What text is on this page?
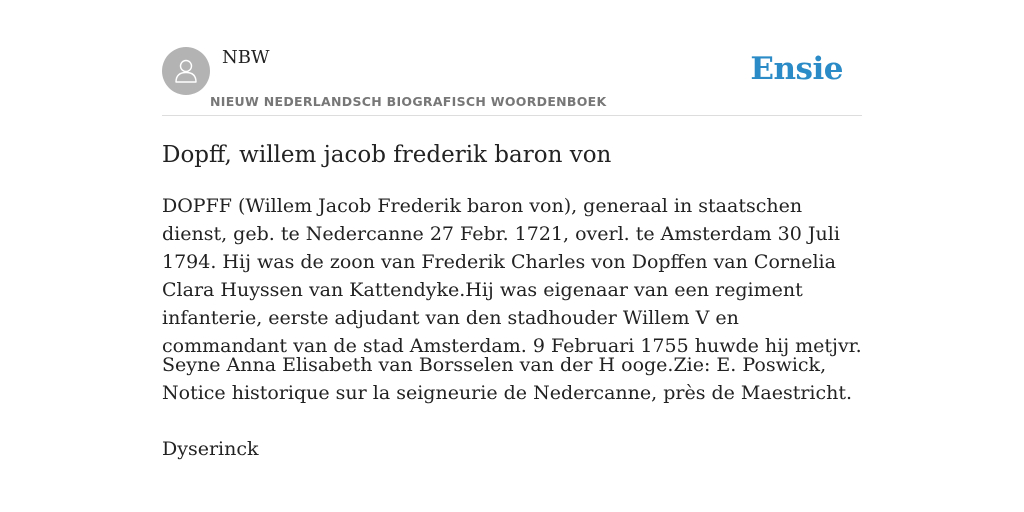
NBW
NIEUW NEDERLANDSCH BIOGRAFISCH WOORDENBOEK
Ensie
Dopff, willem jacob frederik baron von

DOPFF (Willem Jacob Frederik baron von), generaal in staatschen dienst, geb. te Nedercanne 27 Febr. 1721, overl. te Amsterdam 30 Juli 1794. Hij was de zoon van Frederik Charles von Dopffen van Cornelia Clara Huyssen van Kattendyke.Hij was eigenaar van een regiment infanterie, eerste adjudant van den stadhouder Willem V en commandant van de stad Amsterdam. 9 Februari 1755 huwde hij metjvr.

Seyne Anna Elisabeth van Borsselen van der H ooge.Zie: E. Poswick, Notice historique sur la seigneurie de Nedercanne, près de Maestricht.

Dyserinck
